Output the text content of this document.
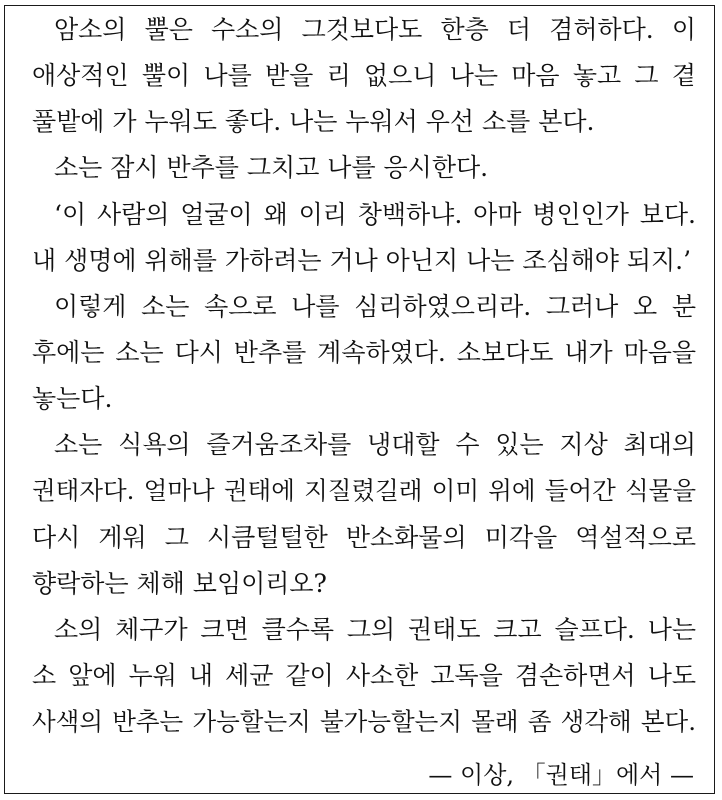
암소의 뿔은 수소의 그것보다도 한층 더 겸허하다. 이
애상적인 뿔이 나를 받을 리 없으니 나는 마음 놓고 그 곁
풀밭에 가 누워도 좋다. 나는 누워서 우선 소를 본다.
소는 잠시 반추를 그치고 나를 응시한다.
‘이 사람의 얼굴이 왜 이리 창백하냐. 아마 병인인가 보다.
내 생명에 위해를 가하려는 거나 아닌지 나는 조심해야 되지.’
이렇게 소는 속으로 나를 심리하였으리라. 그러나 오 분
후에는 소는 다시 반추를 계속하였다. 소보다도 내가 마음을
놓는다.
소는 식욕의 즐거움조차를 냉대할 수 있는 지상 최대의
권태자다. 얼마나 권태에 지질렸길래 이미 위에 들어간 식물을
다시 게워 그 시큼털털한 반소화물의 미각을 역설적으로
향락하는 체해 보임이리오?
소의 체구가 크면 클수록 그의 권태도 크고 슬프다. 나는
소 앞에 누워 내 세균 같이 사소한 고독을 겸손하면서 나도
사색의 반추는 가능할는지 불가능할는지 몰래 좀 생각해 본다.
— 이상, 「권태」에서 —
